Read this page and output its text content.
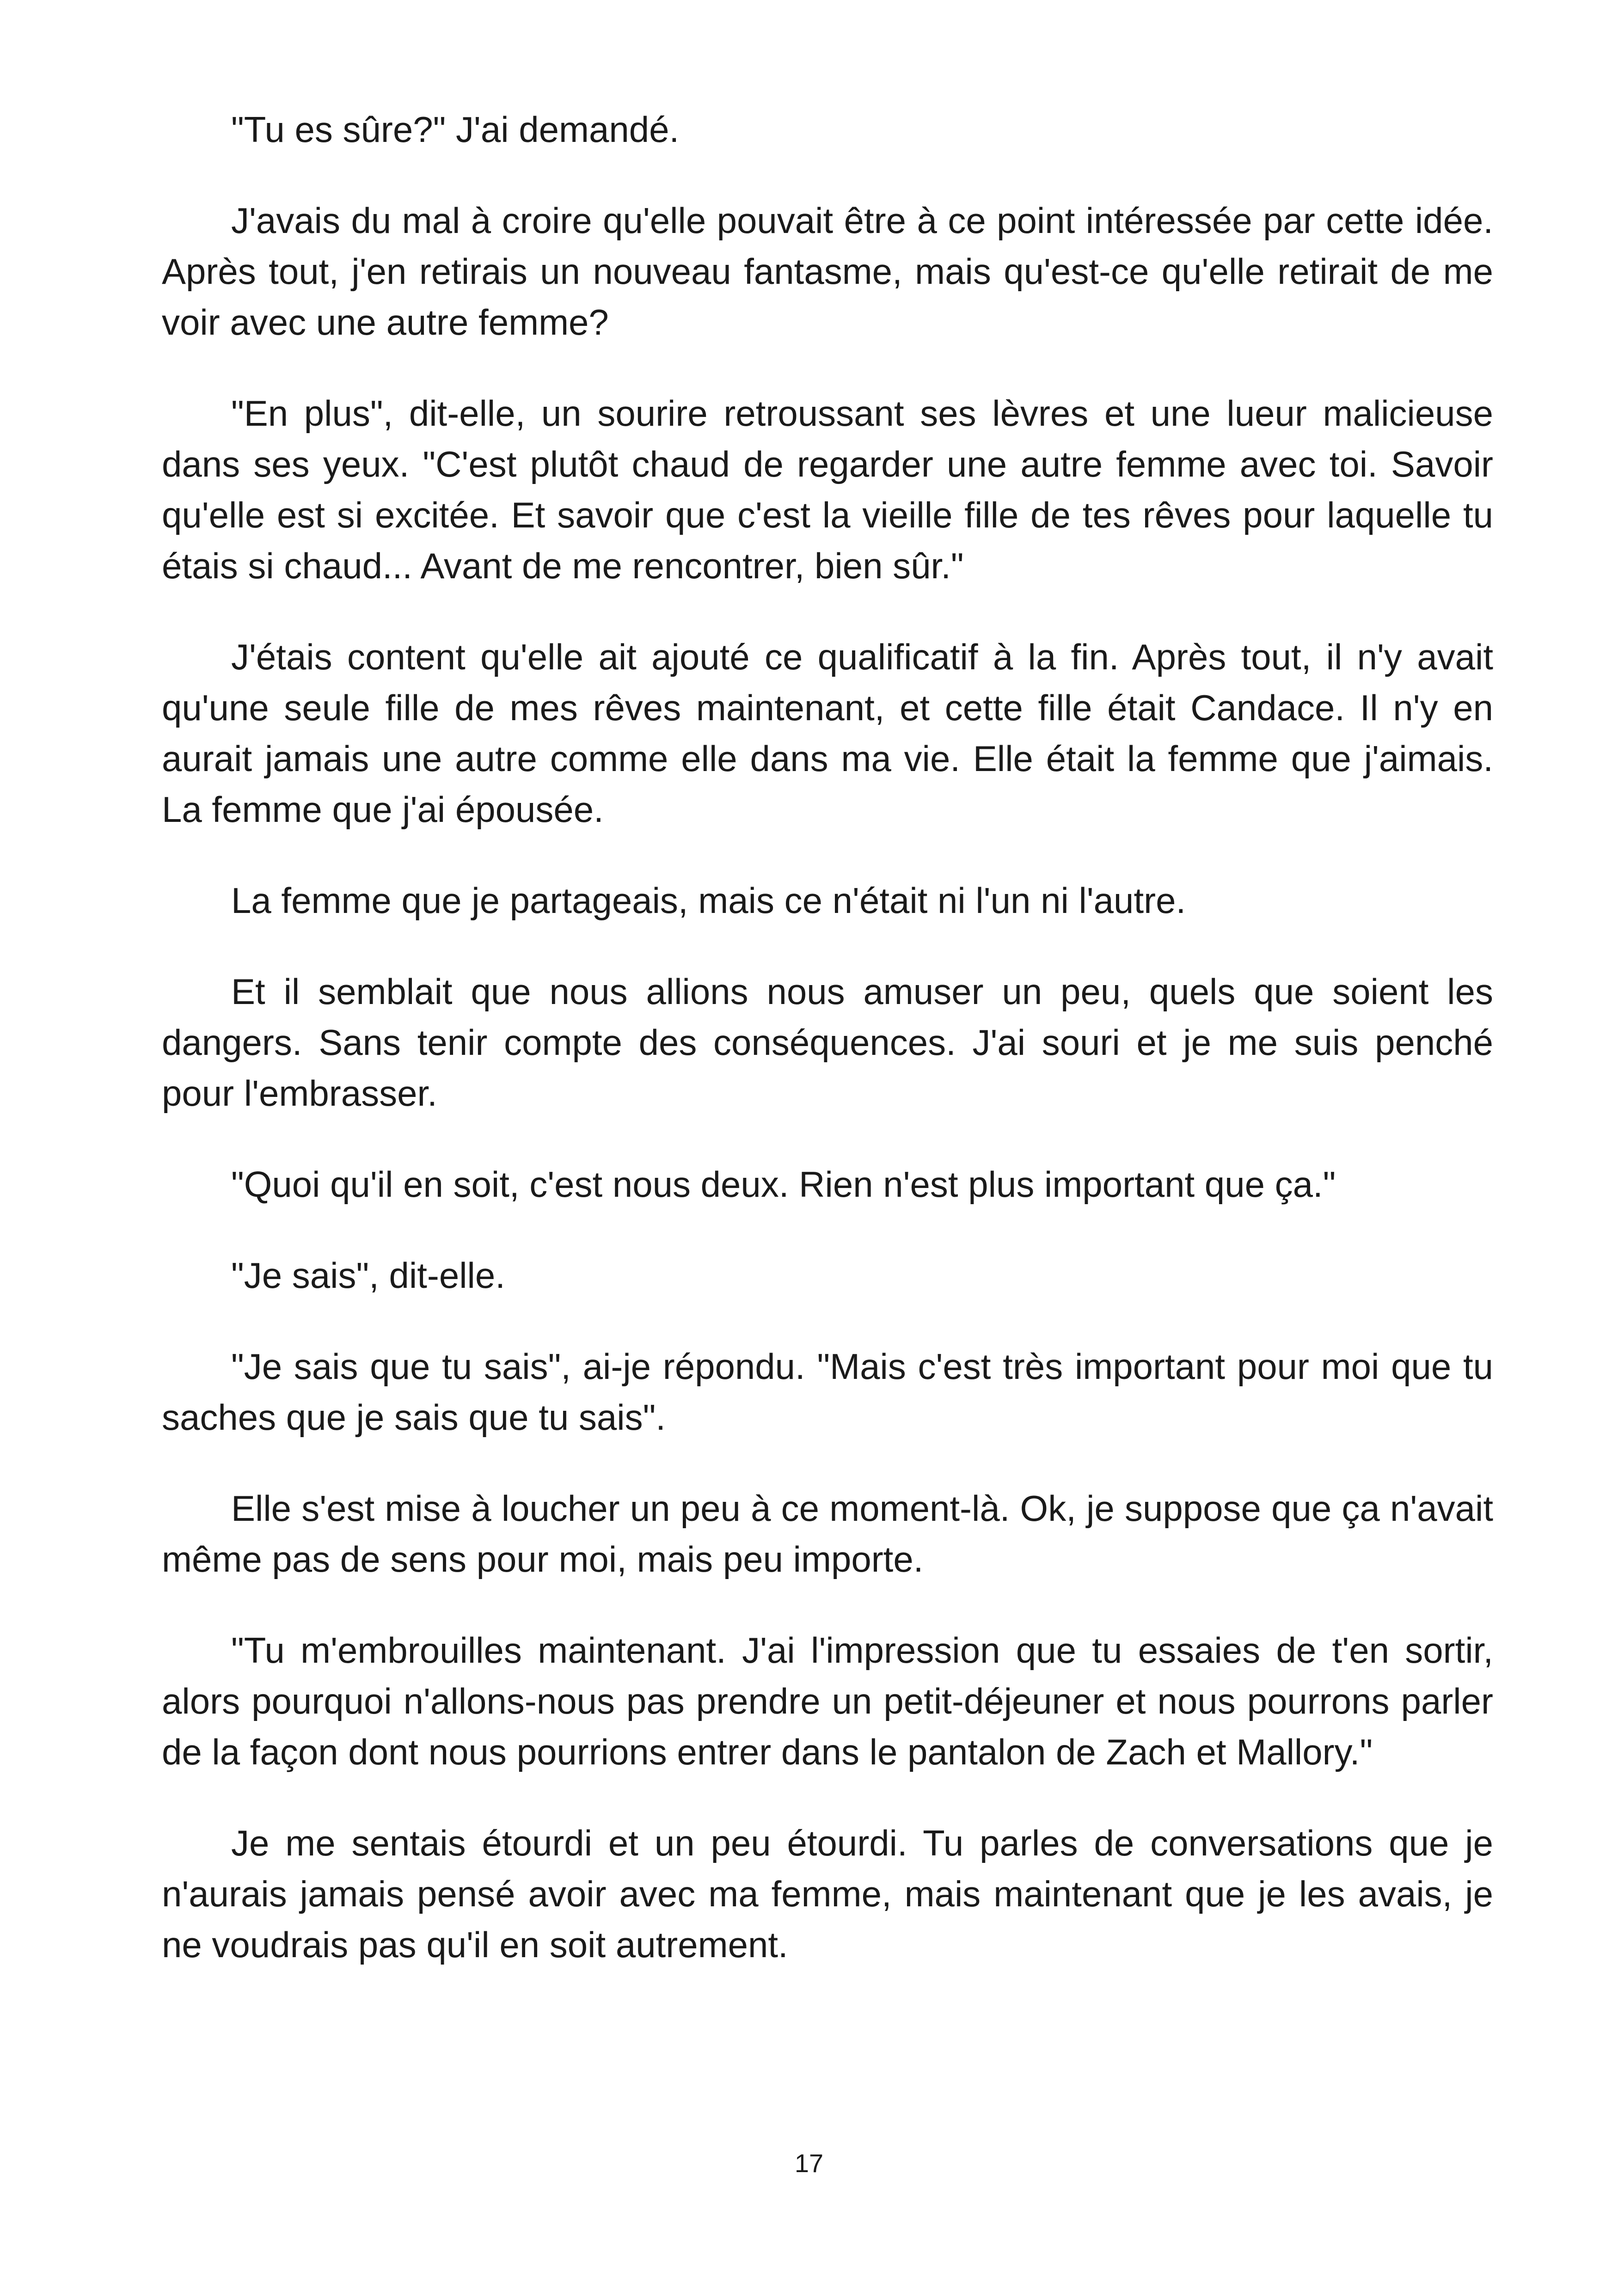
"Tu es sûre?" J'ai demandé.

J'avais du mal à croire qu'elle pouvait être à ce point intéressée par cette idée. Après tout, j'en retirais un nouveau fantasme, mais qu'est-ce qu'elle retirait de me voir avec une autre femme?

"En plus", dit-elle, un sourire retroussant ses lèvres et une lueur malicieuse dans ses yeux. "C'est plutôt chaud de regarder une autre femme avec toi. Savoir qu'elle est si excitée. Et savoir que c'est la vieille fille de tes rêves pour laquelle tu étais si chaud... Avant de me rencontrer, bien sûr."

J'étais content qu'elle ait ajouté ce qualificatif à la fin. Après tout, il n'y avait qu'une seule fille de mes rêves maintenant, et cette fille était Candace. Il n'y en aurait jamais une autre comme elle dans ma vie. Elle était la femme que j'aimais. La femme que j'ai épousée.

La femme que je partageais, mais ce n'était ni l'un ni l'autre.

Et il semblait que nous allions nous amuser un peu, quels que soient les dangers. Sans tenir compte des conséquences. J'ai souri et je me suis penché pour l'embrasser.

"Quoi qu'il en soit, c'est nous deux. Rien n'est plus important que ça."

"Je sais", dit-elle.

"Je sais que tu sais", ai-je répondu. "Mais c'est très important pour moi que tu saches que je sais que tu sais".

Elle s'est mise à loucher un peu à ce moment-là. Ok, je suppose que ça n'avait même pas de sens pour moi, mais peu importe.

"Tu m'embrouilles maintenant. J'ai l'impression que tu essaies de t'en sortir, alors pourquoi n'allons-nous pas prendre un petit-déjeuner et nous pourrons parler de la façon dont nous pourrions entrer dans le pantalon de Zach et Mallory."

Je me sentais étourdi et un peu étourdi. Tu parles de conversations que je n'aurais jamais pensé avoir avec ma femme, mais maintenant que je les avais, je ne voudrais pas qu'il en soit autrement.

17
